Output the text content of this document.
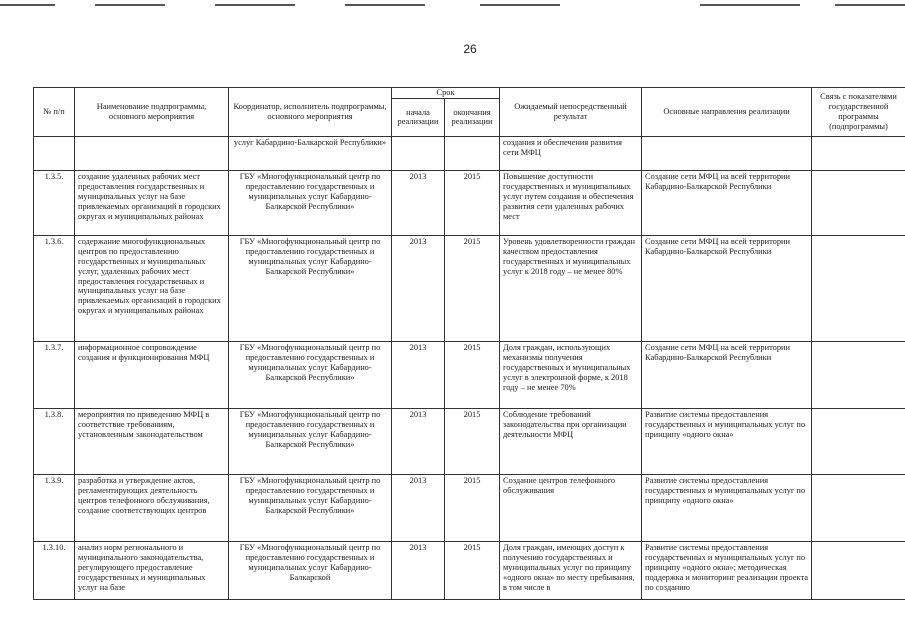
26
№ п/п	Наименование подпрограммы, основного мероприятия	Координатор, исполнитель подпрограммы, основного мероприятия	Срок		Ожидаемый непосредственный результат	Основные направления реализации	Связь с показателями государственной программы (подпрограммы)
			начала реализации	окончания реализации			
		услуг Кабардино-Балкарской Республики»			создания и обеспечения развития сети МФЦ		
1.3.5.	создание удаленных рабочих мест предоставления государственных и муниципальных услуг на базе привлекаемых организаций в городских округах и муниципальных районах	ГБУ «Многофункциональный центр по предоставлению государственных и муниципальных услуг Кабардино-Балкарской Республики»	2013	2015	Повышение доступности государственных и муниципальных услуг путем создания и обеспечения развития сети удаленных рабочих мест	Создание сети МФЦ на всей территории Кабардино-Балкарской Республики	
1.3.6.	содержание многофункциональных центров по предоставлению государственных и муниципальных услуг, удаленных рабочих мест предоставления государственных и муниципальных услуг на базе привлекаемых организаций в городских округах и муниципальных районах	ГБУ «Многофункциональный центр по предоставлению государственных и муниципальных услуг Кабардино-Балкарской Республики»	2013	2015	Уровень удовлетворенности граждан качеством предоставления государственных и муниципальных услуг к 2018 году – не менее 80%	Создание сети МФЦ на всей территории Кабардино-Балкарской Республики	
1.3.7.	информационное сопровождение создания и функционирования МФЦ	ГБУ «Многофункциональный центр по предоставлению государственных и муниципальных услуг Кабардино-Балкарской Республики»	2013	2015	Доля граждан, использующих механизмы получения государственных и муниципальных услуг в электронной форме, к 2018 году – не менее 70%	Создание сети МФЦ на всей территории Кабардино-Балкарской Республики	
1.3.8.	мероприятия по приведению МФЦ в соответствие требованиям, установленным законодательством	ГБУ «Многофункциональный центр по предоставлению государственных и муниципальных услуг Кабардино-Балкарской Республики»	2013	2015	Соблюдение требований законодательства при организации деятельности МФЦ	Развитие системы предоставления государственных и муниципальных услуг по принципу «одного окна»	
1.3.9.	разработка и утверждение актов, регламентирующих деятельность центров телефонного обслуживания, создание соответствующих центров	ГБУ «Многофункциональный центр по предоставлению государственных и муниципальных услуг Кабардино-Балкарской Республики»	2013	2015	Создание центров телефонного обслуживания	Развитие системы предоставления государственных и муниципальных услуг по принципу «одного окна»	
1.3.10.	анализ норм регионального и муниципального законодательства, регулирующего предоставление государственных и муниципальных услуг на базе	ГБУ «Многофункциональный центр по предоставлению государственных и муниципальных услуг Кабардино-Балкарской	2013	2015	Доля граждан, имеющих доступ к получению государственных и муниципальных услуг по принципу «одного окна» по месту пребывания, в том числе в	Развитие системы предоставления государственных и муниципальных услуг по принципу «одного окна»; методическая поддержка и мониторинг реализации проекта по созданию	
